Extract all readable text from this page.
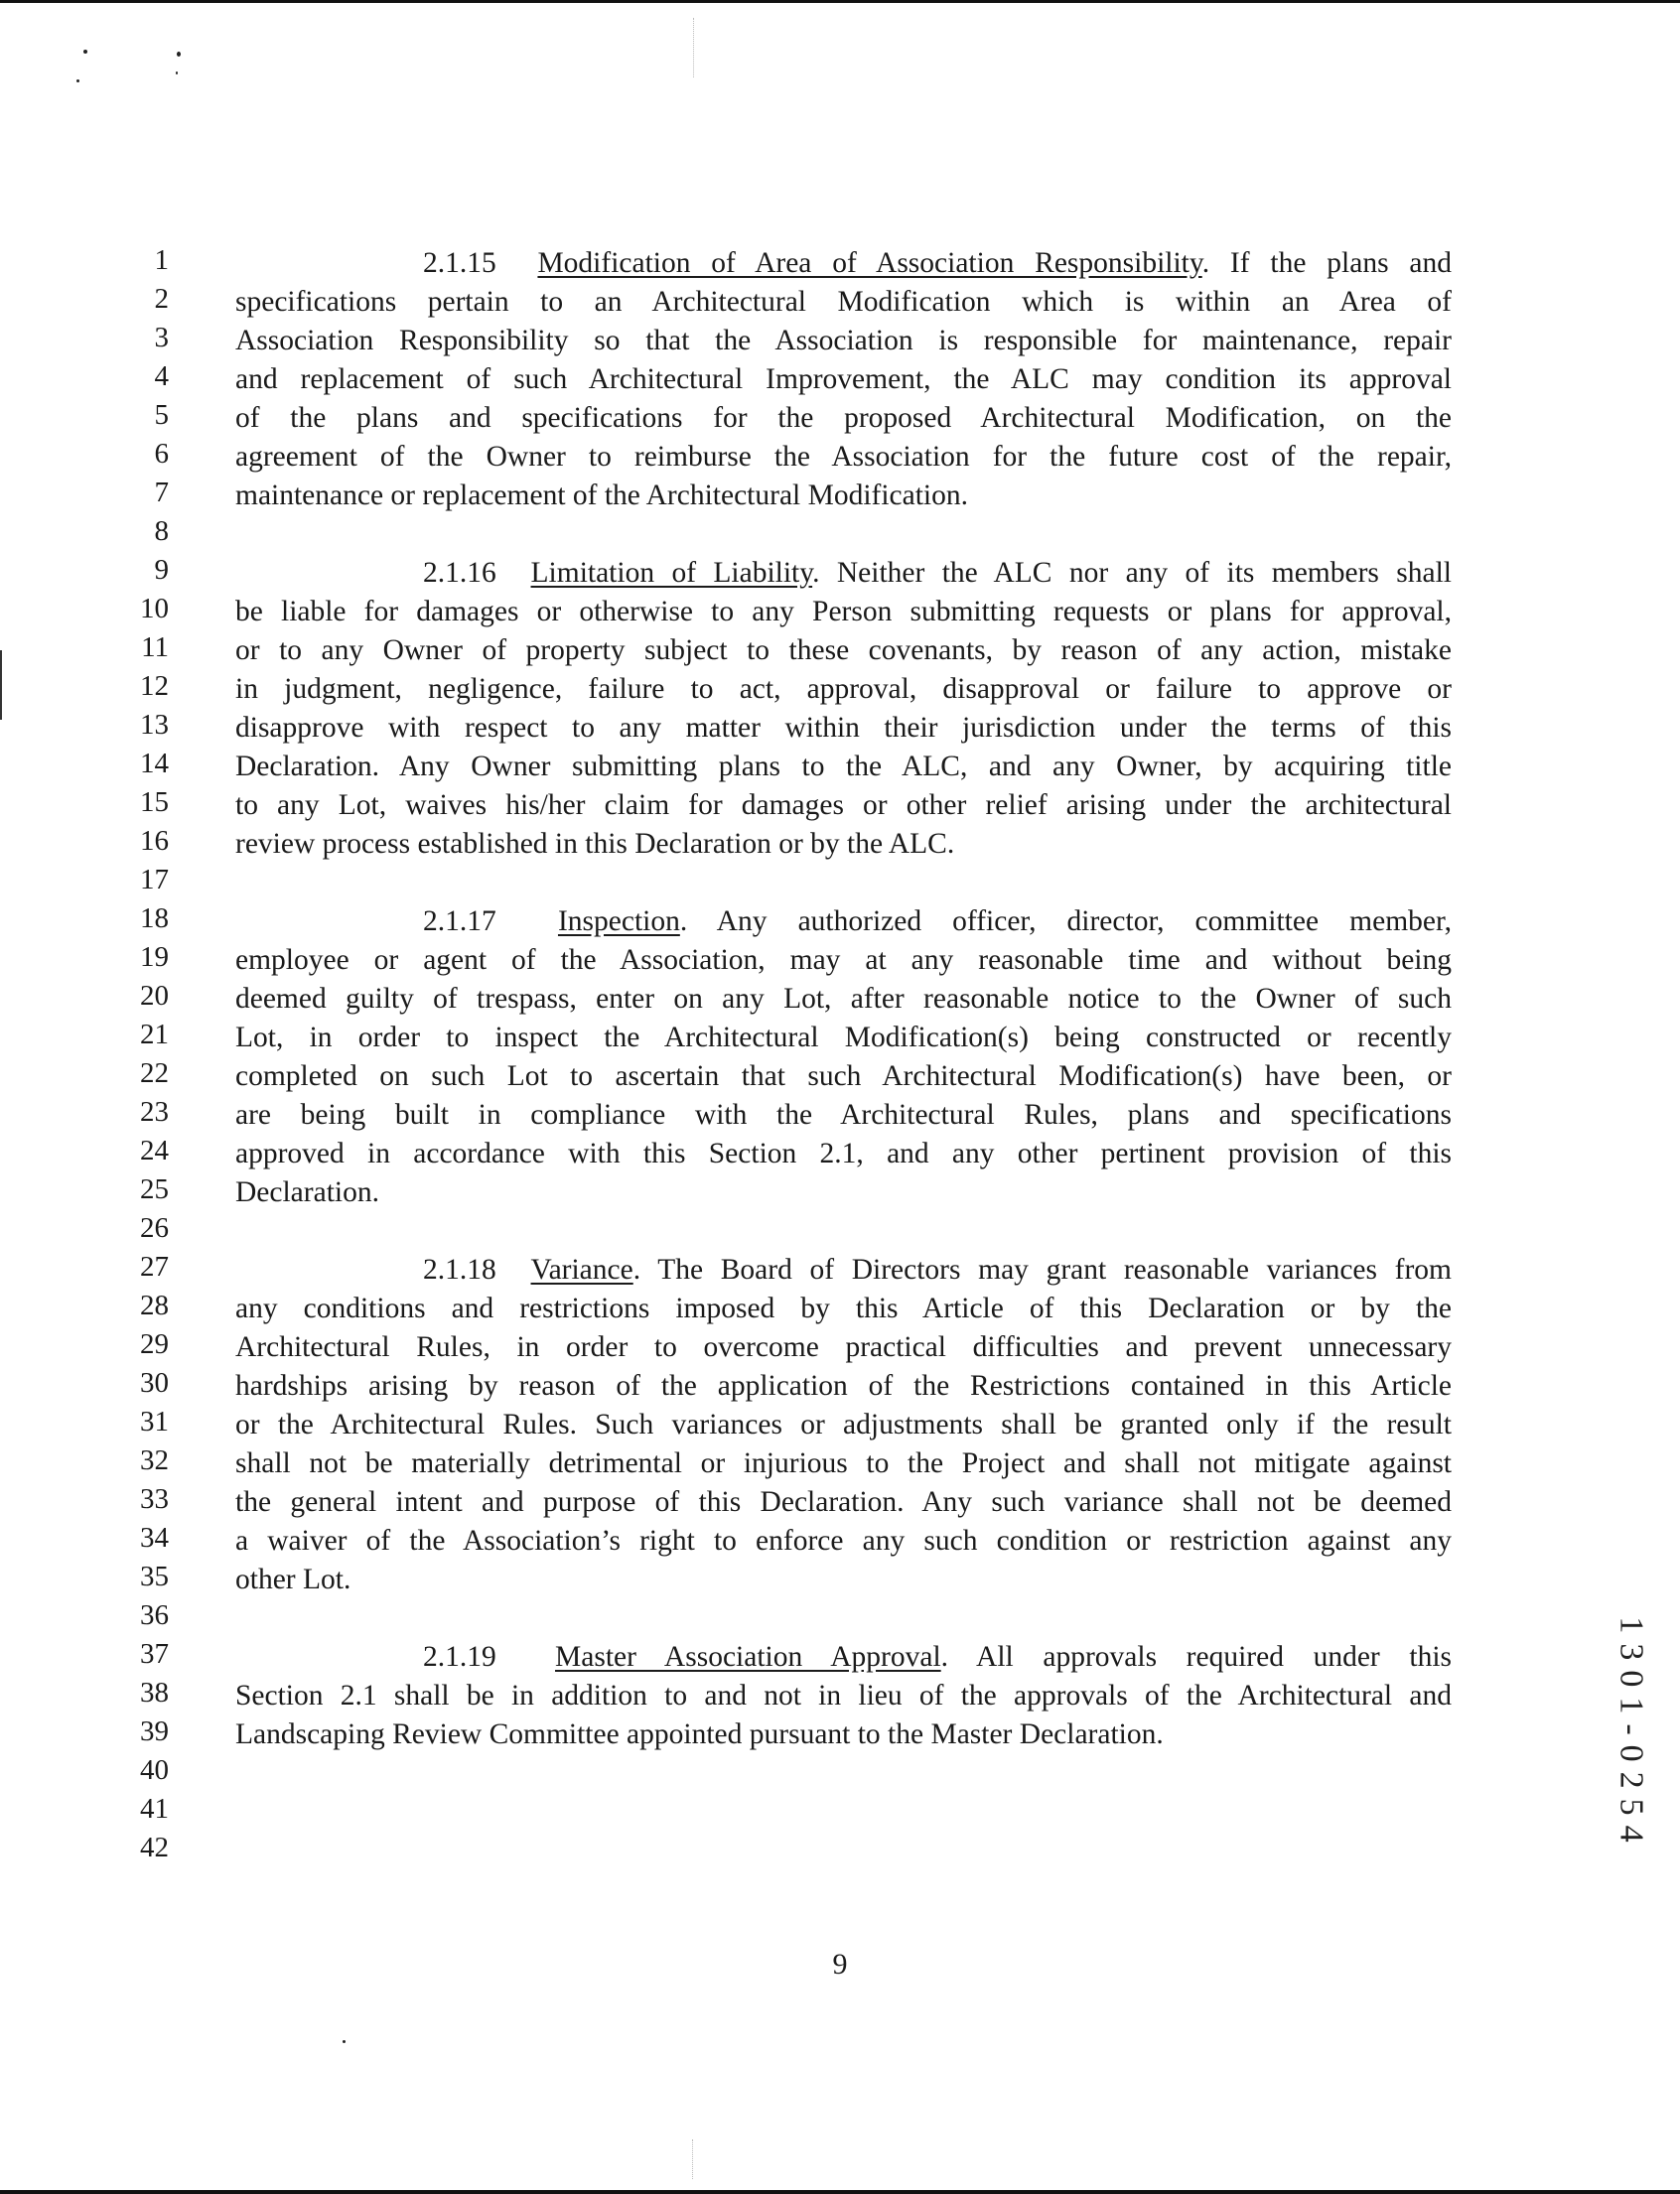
1
2
3
4
5
6
7
8
9
10
11
12
13
14
15
16
17
18
19
20
21
22
23
24
25
26
27
28
29
30
31
32
33
34
35
36
37
38
39
40
41
42
2.1.15 Modification of Area of Association Responsibility. If the plans and
specifications pertain to an Architectural Modification which is within an Area of
Association Responsibility so that the Association is responsible for maintenance, repair
and replacement of such Architectural Improvement, the ALC may condition its approval
of the plans and specifications for the proposed Architectural Modification, on the
agreement of the Owner to reimburse the Association for the future cost of the repair,
maintenance or replacement of the Architectural Modification.
2.1.16 Limitation of Liability. Neither the ALC nor any of its members shall
be liable for damages or otherwise to any Person submitting requests or plans for approval,
or to any Owner of property subject to these covenants, by reason of any action, mistake
in judgment, negligence, failure to act, approval, disapproval or failure to approve or
disapprove with respect to any matter within their jurisdiction under the terms of this
Declaration. Any Owner submitting plans to the ALC, and any Owner, by acquiring title
to any Lot, waives his/her claim for damages or other relief arising under the architectural
review process established in this Declaration or by the ALC.
2.1.17 Inspection. Any authorized officer, director, committee member,
employee or agent of the Association, may at any reasonable time and without being
deemed guilty of trespass, enter on any Lot, after reasonable notice to the Owner of such
Lot, in order to inspect the Architectural Modification(s) being constructed or recently
completed on such Lot to ascertain that such Architectural Modification(s) have been, or
are being built in compliance with the Architectural Rules, plans and specifications
approved in accordance with this Section 2.1, and any other pertinent provision of this
Declaration.
2.1.18 Variance. The Board of Directors may grant reasonable variances from
any conditions and restrictions imposed by this Article of this Declaration or by the
Architectural Rules, in order to overcome practical difficulties and prevent unnecessary
hardships arising by reason of the application of the Restrictions contained in this Article
or the Architectural Rules. Such variances or adjustments shall be granted only if the result
shall not be materially detrimental or injurious to the Project and shall not mitigate against
the general intent and purpose of this Declaration. Any such variance shall not be deemed
a waiver of the Association’s right to enforce any such condition or restriction against any
other Lot.
2.1.19 Master Association Approval. All approvals required under this
Section 2.1 shall be in addition to and not in lieu of the approvals of the Architectural and
Landscaping Review Committee appointed pursuant to the Master Declaration.
9
1301-0254
